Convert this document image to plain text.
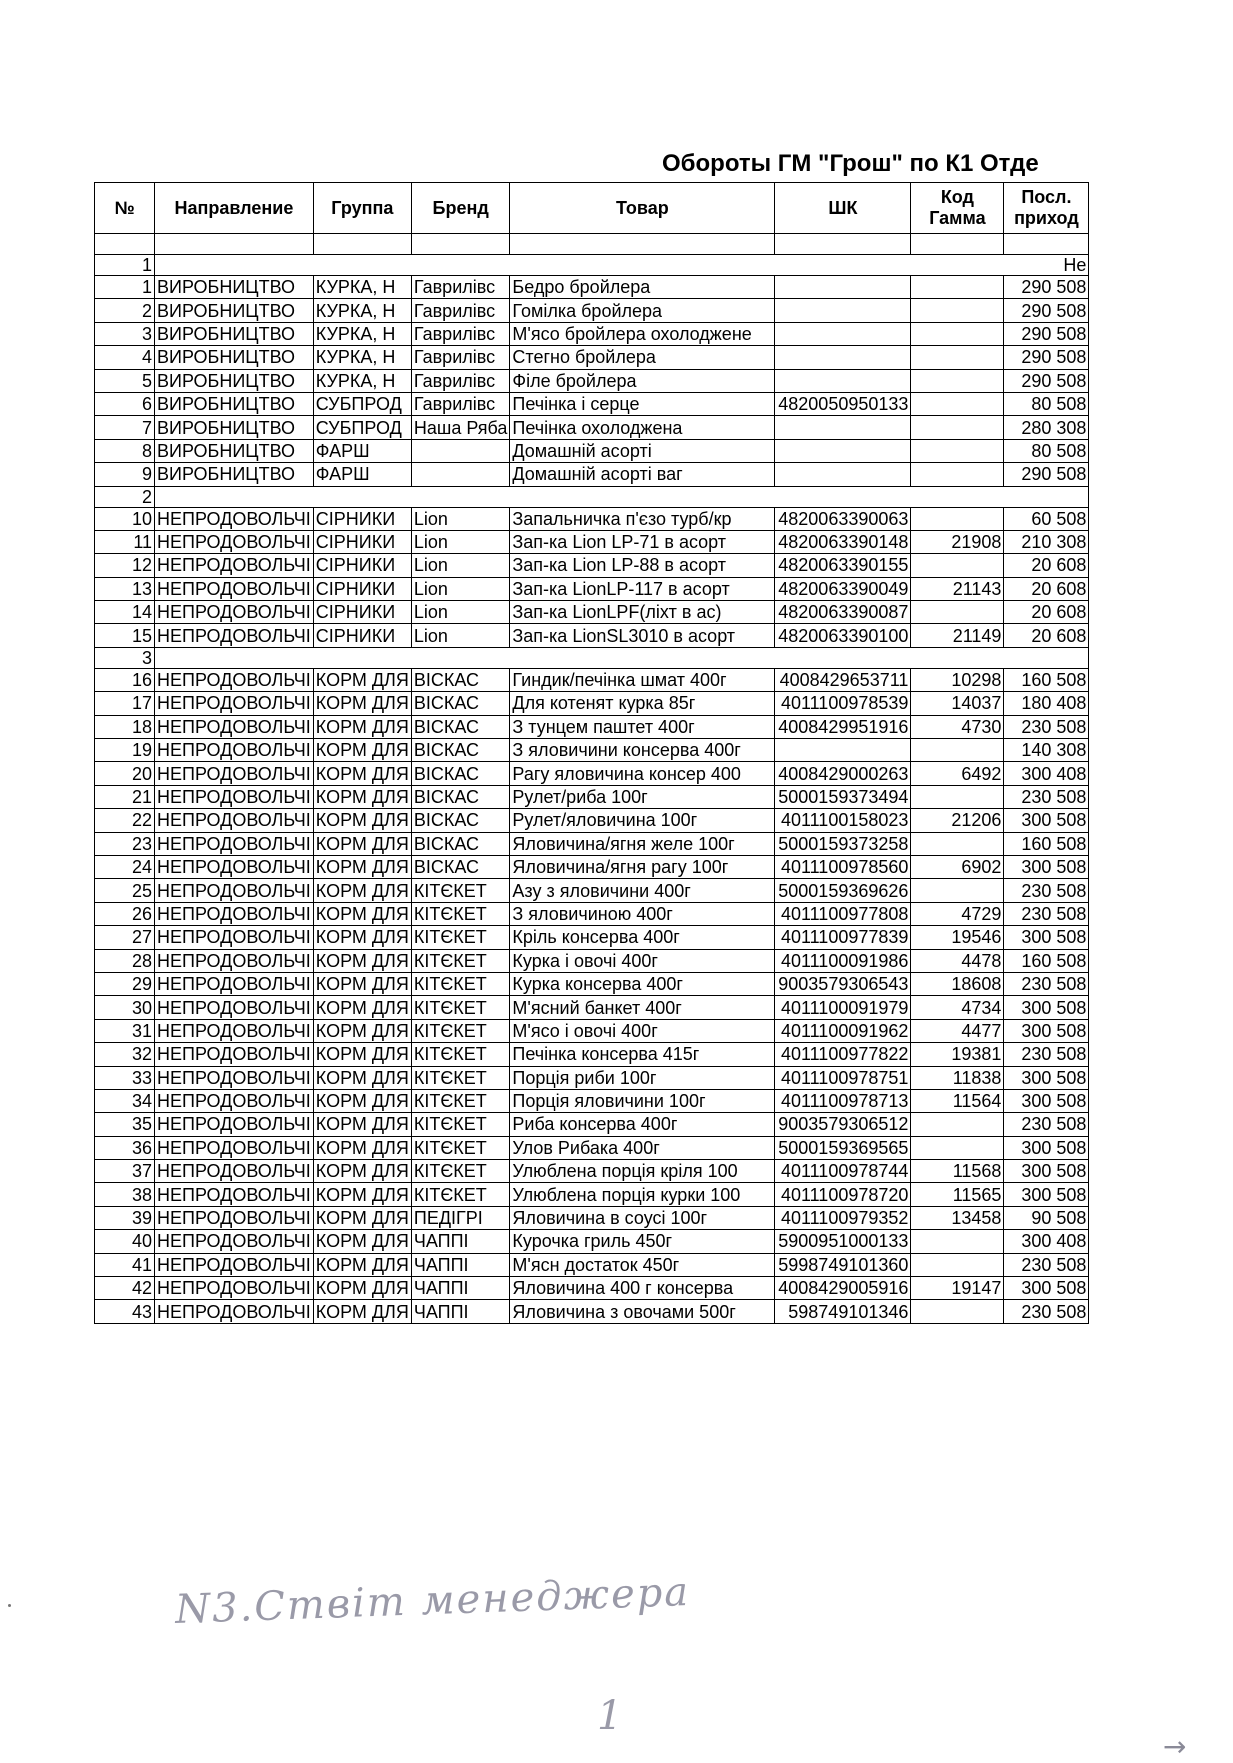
Обороты ГМ "Грош" по К1 Отде
№	Направление	Группа	Бренд	Товар	ШК	Код Гамма	Посл. приход

1	He						
1	ВИРОБНИЦТВО	КУРКА, Н	Гаврилівс	Бедро бройлера			290 508
2	ВИРОБНИЦТВО	КУРКА, Н	Гаврилівс	Гомілка бройлера			290 508
3	ВИРОБНИЦТВО	КУРКА, Н	Гаврилівс	М'ясо бройлера охолоджене			290 508
4	ВИРОБНИЦТВО	КУРКА, Н	Гаврилівс	Стегно бройлера			290 508
5	ВИРОБНИЦТВО	КУРКА, Н	Гаврилівс	Філе бройлера			290 508
6	ВИРОБНИЦТВО	СУБПРОД	Гаврилівс	Печінка і серце	4820050950133		80 508
7	ВИРОБНИЦТВО	СУБПРОД	Наша Ряба	Печінка охолоджена			280 308
8	ВИРОБНИЦТВО	ФАРШ		Домашній асорті			80 508
9	ВИРОБНИЦТВО	ФАРШ		Домашній асорті ваг			290 508
2							
10	НЕПРОДОВОЛЬЧІ	СІРНИКИ	Lion	Запальничка п'єзо турб/кр	4820063390063		60 508
11	НЕПРОДОВОЛЬЧІ	СІРНИКИ	Lion	Зап-ка Lion LP-71 в асорт	4820063390148	21908	210 308
12	НЕПРОДОВОЛЬЧІ	СІРНИКИ	Lion	Зап-ка Lion LP-88 в асорт	4820063390155		20 608
13	НЕПРОДОВОЛЬЧІ	СІРНИКИ	Lion	Зап-ка LionLP-117 в асорт	4820063390049	21143	20 608
14	НЕПРОДОВОЛЬЧІ	СІРНИКИ	Lion	Зап-ка LionLPF(ліхт в ас)	4820063390087		20 608
15	НЕПРОДОВОЛЬЧІ	СІРНИКИ	Lion	Зап-ка LionSL3010 в асорт	4820063390100	21149	20 608
3							
16	НЕПРОДОВОЛЬЧІ	КОРМ ДЛЯ	ВІСКАС	Гиндик/печінка шмат 400г	4008429653711	10298	160 508
17	НЕПРОДОВОЛЬЧІ	КОРМ ДЛЯ	ВІСКАС	Для котенят курка 85г	4011100978539	14037	180 408
18	НЕПРОДОВОЛЬЧІ	КОРМ ДЛЯ	ВІСКАС	З тунцем паштет 400г	4008429951916	4730	230 508
19	НЕПРОДОВОЛЬЧІ	КОРМ ДЛЯ	ВІСКАС	З яловичини консерва 400г			140 308
20	НЕПРОДОВОЛЬЧІ	КОРМ ДЛЯ	ВІСКАС	Рагу яловичина консер 400	4008429000263	6492	300 408
21	НЕПРОДОВОЛЬЧІ	КОРМ ДЛЯ	ВІСКАС	Рулет/риба 100г	5000159373494		230 508
22	НЕПРОДОВОЛЬЧІ	КОРМ ДЛЯ	ВІСКАС	Рулет/яловичина 100г	4011100158023	21206	300 508
23	НЕПРОДОВОЛЬЧІ	КОРМ ДЛЯ	ВІСКАС	Яловичина/ягня желе 100г	5000159373258		160 508
24	НЕПРОДОВОЛЬЧІ	КОРМ ДЛЯ	ВІСКАС	Яловичина/ягня рагу 100г	4011100978560	6902	300 508
25	НЕПРОДОВОЛЬЧІ	КОРМ ДЛЯ	КІТЄКЕТ	Азу з яловичини 400г	5000159369626		230 508
26	НЕПРОДОВОЛЬЧІ	КОРМ ДЛЯ	КІТЄКЕТ	З яловичиною 400г	4011100977808	4729	230 508
27	НЕПРОДОВОЛЬЧІ	КОРМ ДЛЯ	КІТЄКЕТ	Кріль консерва 400г	4011100977839	19546	300 508
28	НЕПРОДОВОЛЬЧІ	КОРМ ДЛЯ	КІТЄКЕТ	Курка і овочі 400г	4011100091986	4478	160 508
29	НЕПРОДОВОЛЬЧІ	КОРМ ДЛЯ	КІТЄКЕТ	Курка консерва 400г	9003579306543	18608	230 508
30	НЕПРОДОВОЛЬЧІ	КОРМ ДЛЯ	КІТЄКЕТ	М'ясний банкет 400г	4011100091979	4734	300 508
31	НЕПРОДОВОЛЬЧІ	КОРМ ДЛЯ	КІТЄКЕТ	М'ясо і овочі 400г	4011100091962	4477	300 508
32	НЕПРОДОВОЛЬЧІ	КОРМ ДЛЯ	КІТЄКЕТ	Печінка консерва 415г	4011100977822	19381	230 508
33	НЕПРОДОВОЛЬЧІ	КОРМ ДЛЯ	КІТЄКЕТ	Порція риби 100г	4011100978751	11838	300 508
34	НЕПРОДОВОЛЬЧІ	КОРМ ДЛЯ	КІТЄКЕТ	Порція яловичини 100г	4011100978713	11564	300 508
35	НЕПРОДОВОЛЬЧІ	КОРМ ДЛЯ	КІТЄКЕТ	Риба консерва 400г	9003579306512		230 508
36	НЕПРОДОВОЛЬЧІ	КОРМ ДЛЯ	КІТЄКЕТ	Улов Рибака 400г	5000159369565		300 508
37	НЕПРОДОВОЛЬЧІ	КОРМ ДЛЯ	КІТЄКЕТ	Улюблена порція кріля 100	4011100978744	11568	300 508
38	НЕПРОДОВОЛЬЧІ	КОРМ ДЛЯ	КІТЄКЕТ	Улюблена порція курки 100	4011100978720	11565	300 508
39	НЕПРОДОВОЛЬЧІ	КОРМ ДЛЯ	ПЕДІГРІ	Яловичина в соусі 100г	4011100979352	13458	90 508
40	НЕПРОДОВОЛЬЧІ	КОРМ ДЛЯ	ЧАППІ	Курочка гриль 450г	5900951000133		300 408
41	НЕПРОДОВОЛЬЧІ	КОРМ ДЛЯ	ЧАППІ	М'ясн достаток 450г	5998749101360		230 508
42	НЕПРОДОВОЛЬЧІ	КОРМ ДЛЯ	ЧАППІ	Яловичина 400 г консерва	4008429005916	19147	300 508
43	НЕПРОДОВОЛЬЧІ	КОРМ ДЛЯ	ЧАППІ	Яловичина з овочами 500г	598749101346		230 508
N3.Ствіт менеджера
1
→
